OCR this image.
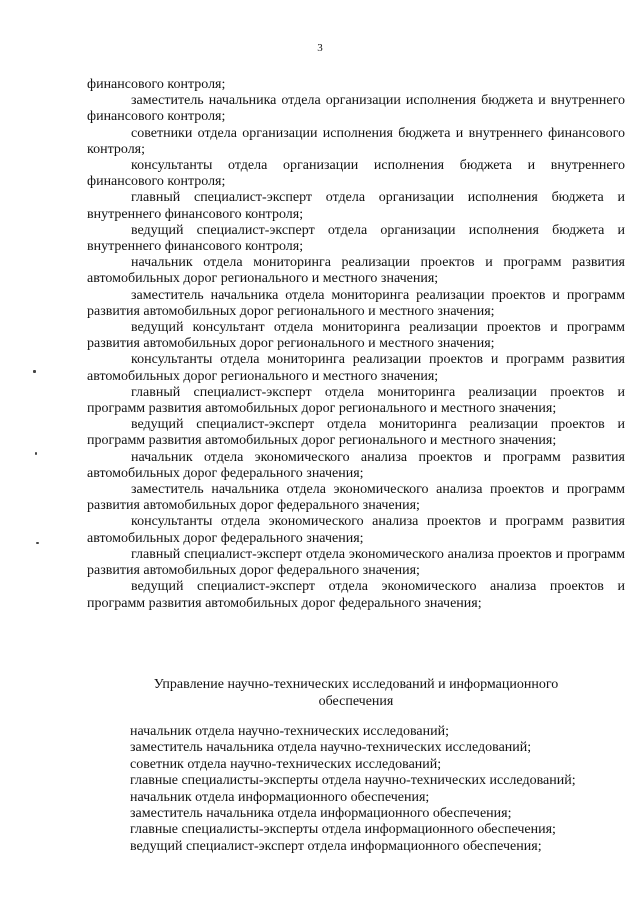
3

финансового контроля;

заместитель начальника отдела организации исполнения бюджета и внутреннего финансового контроля;

советники отдела организации исполнения бюджета и внутреннего финансового контроля;

консультанты отдела организации исполнения бюджета и внутреннего финансового контроля;

главный специалист-эксперт отдела организации исполнения бюджета и внутреннего финансового контроля;

ведущий специалист-эксперт отдела организации исполнения бюджета и внутреннего финансового контроля;

начальник отдела мониторинга реализации проектов и программ развития автомобильных дорог регионального и местного значения;

заместитель начальника отдела мониторинга реализации проектов и программ развития автомобильных дорог регионального и местного значения;

ведущий консультант отдела мониторинга реализации проектов и программ развития автомобильных дорог регионального и местного значения;

консультанты отдела мониторинга реализации проектов и программ развития автомобильных дорог регионального и местного значения;

главный специалист-эксперт отдела мониторинга реализации проектов и программ развития автомобильных дорог регионального и местного значения;

ведущий специалист-эксперт отдела мониторинга реализации проектов и программ развития автомобильных дорог регионального и местного значения;

начальник отдела экономического анализа проектов и программ развития автомобильных дорог федерального значения;

заместитель начальника отдела экономического анализа проектов и программ развития автомобильных дорог федерального значения;

консультанты отдела экономического анализа проектов и программ развития автомобильных дорог федерального значения;

главный специалист-эксперт отдела экономического анализа проектов и программ развития автомобильных дорог федерального значения;

ведущий специалист-эксперт отдела экономического анализа проектов и программ развития автомобильных дорог федерального значения;

Управление научно-технических исследований и информационного
обеспечения

начальник отдела научно-технических исследований;

заместитель начальника отдела научно-технических исследований;

советник отдела научно-технических исследований;

главные специалисты-эксперты отдела научно-технических исследований;

начальник отдела информационного обеспечения;

заместитель начальника отдела информационного обеспечения;

главные специалисты-эксперты отдела информационного обеспечения;

ведущий специалист-эксперт отдела информационного обеспечения;
